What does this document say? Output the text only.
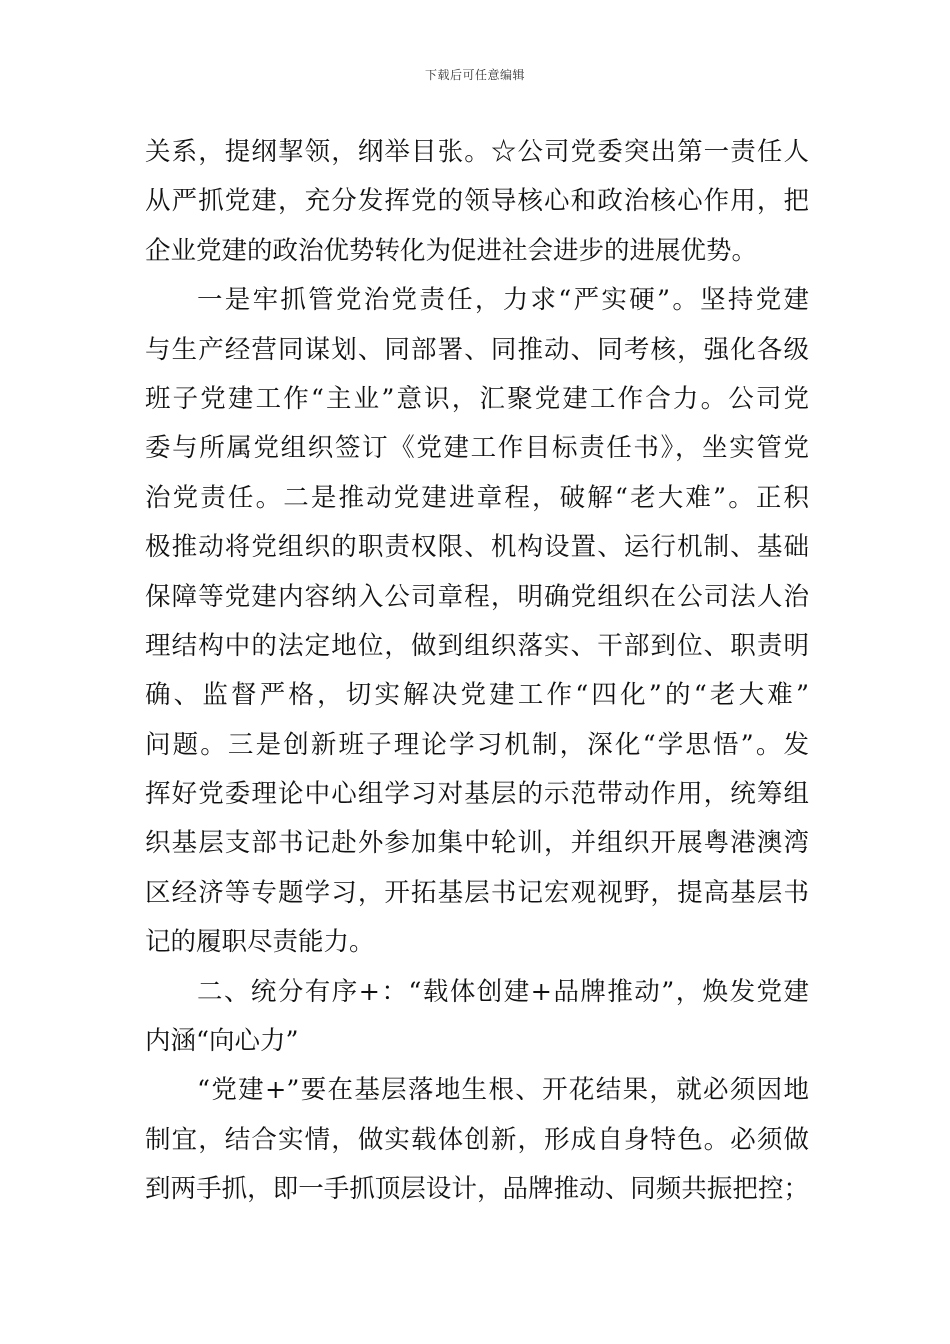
下载后可任意编辑
关系，提纲挈领，纲举目张。☆公司党委突出第一责任人
从严抓党建，充分发挥党的领导核心和政治核心作用，把
企业党建的政治优势转化为促进社会进步的进展优势。
一是牢抓管党治党责任，力求“严实硬”。坚持党建
与生产经营同谋划、同部署、同推动、同考核，强化各级
班子党建工作“主业”意识，汇聚党建工作合力。公司党
委与所属党组织签订《党建工作目标责任书》，坐实管党
治党责任。二是推动党建进章程，破解“老大难”。正积
极推动将党组织的职责权限、机构设置、运行机制、基础
保障等党建内容纳入公司章程，明确党组织在公司法人治
理结构中的法定地位，做到组织落实、干部到位、职责明
确、监督严格，切实解决党建工作“四化”的“老大难”
问题。三是创新班子理论学习机制，深化“学思悟”。发
挥好党委理论中心组学习对基层的示范带动作用，统筹组
织基层支部书记赴外参加集中轮训，并组织开展粤港澳湾
区经济等专题学习，开拓基层书记宏观视野，提高基层书
记的履职尽责能力。
二、统分有序+：“载体创建+品牌推动”，焕发党建
内涵“向心力”
“党建+”要在基层落地生根、开花结果，就必须因地
制宜，结合实情，做实载体创新，形成自身特色。必须做
到两手抓，即一手抓顶层设计，品牌推动、同频共振把控；
